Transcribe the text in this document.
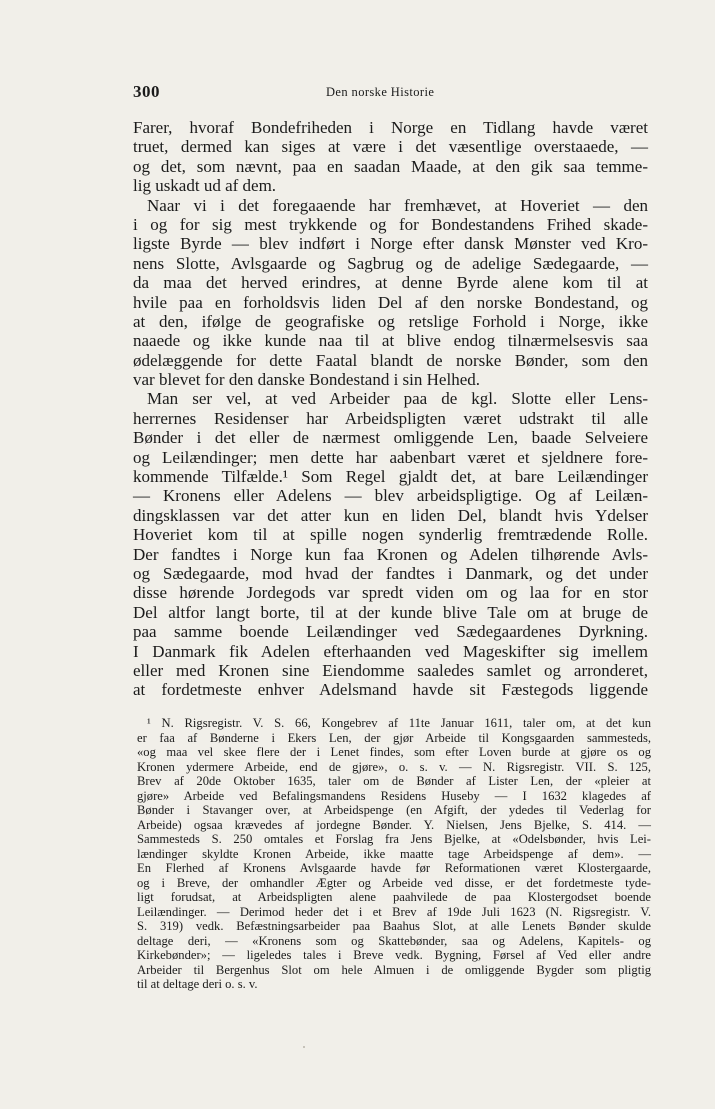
300	Den norske Historie
Farer, hvoraf Bondefriheden i Norge en Tidlang havde været
truet, dermed kan siges at være i det væsentlige overstaaede, —
og det, som nævnt, paa en saadan Maade, at den gik saa temme-
lig uskadt ud af dem.
Naar vi i det foregaaende har fremhævet, at Hoveriet — den
i og for sig mest trykkende og for Bondestandens Frihed skade-
ligste Byrde — blev indført i Norge efter dansk Mønster ved Kro-
nens Slotte, Avlsgaarde og Sagbrug og de adelige Sædegaarde, —
da maa det herved erindres, at denne Byrde alene kom til at
hvile paa en forholdsvis liden Del af den norske Bondestand, og
at den, ifølge de geografiske og retslige Forhold i Norge, ikke
naaede og ikke kunde naa til at blive endog tilnærmelsesvis saa
ødelæggende for dette Faatal blandt de norske Bønder, som den
var blevet for den danske Bondestand i sin Helhed.
Man ser vel, at ved Arbeider paa de kgl. Slotte eller Lens-
herrernes Residenser har Arbeidspligten været udstrakt til alle
Bønder i det eller de nærmest omliggende Len, baade Selveiere
og Leilændinger; men dette har aabenbart været et sjeldnere fore-
kommende Tilfælde.¹ Som Regel gjaldt det, at bare Leilændinger
— Kronens eller Adelens — blev arbeidspligtige. Og af Leilæn-
dingsklassen var det atter kun en liden Del, blandt hvis Ydelser
Hoveriet kom til at spille nogen synderlig fremtrædende Rolle.
Der fandtes i Norge kun faa Kronen og Adelen tilhørende Avls-
og Sædegaarde, mod hvad der fandtes i Danmark, og det under
disse hørende Jordegods var spredt viden om og laa for en stor
Del altfor langt borte, til at der kunde blive Tale om at bruge de
paa samme boende Leilændinger ved Sædegaardenes Dyrkning.
I Danmark fik Adelen efterhaanden ved Mageskifter sig imellem
eller med Kronen sine Eiendomme saaledes samlet og arronderet,
at fordetmeste enhver Adelsmand havde sit Fæstegods liggende
¹ N. Rigsregistr. V. S. 66, Kongebrev af 11te Januar 1611, taler om, at det kun
er faa af Bønderne i Ekers Len, der gjør Arbeide til Kongsgaarden sammesteds,
«og maa vel skee flere der i Lenet findes, som efter Loven burde at gjøre os og
Kronen ydermere Arbeide, end de gjøre», o. s. v. — N. Rigsregistr. VII. S. 125,
Brev af 20de Oktober 1635, taler om de Bønder af Lister Len, der «pleier at
gjøre» Arbeide ved Befalingsmandens Residens Huseby — I 1632 klagedes af
Bønder i Stavanger over, at Arbeidspenge (en Afgift, der ydedes til Vederlag for
Arbeide) ogsaa krævedes af jordegne Bønder. Y. Nielsen, Jens Bjelke, S. 414. —
Sammesteds S. 250 omtales et Forslag fra Jens Bjelke, at «Odelsbønder, hvis Lei-
lændinger skyldte Kronen Arbeide, ikke maatte tage Arbeidspenge af dem». —
En Flerhed af Kronens Avlsgaarde havde før Reformationen været Klostergaarde,
og i Breve, der omhandler Ægter og Arbeide ved disse, er det fordetmeste tyde-
ligt forudsat, at Arbeidspligten alene paahvilede de paa Klostergodset boende
Leilændinger. — Derimod heder det i et Brev af 19de Juli 1623 (N. Rigsregistr. V.
S. 319) vedk. Befæstningsarbeider paa Baahus Slot, at alle Lenets Bønder skulde
deltage deri, — «Kronens som og Skattebønder, saa og Adelens, Kapitels- og
Kirkebønder»; — ligeledes tales i Breve vedk. Bygning, Førsel af Ved eller andre
Arbeider til Bergenhus Slot om hele Almuen i de omliggende Bygder som pligtig
til at deltage deri o. s. v.
